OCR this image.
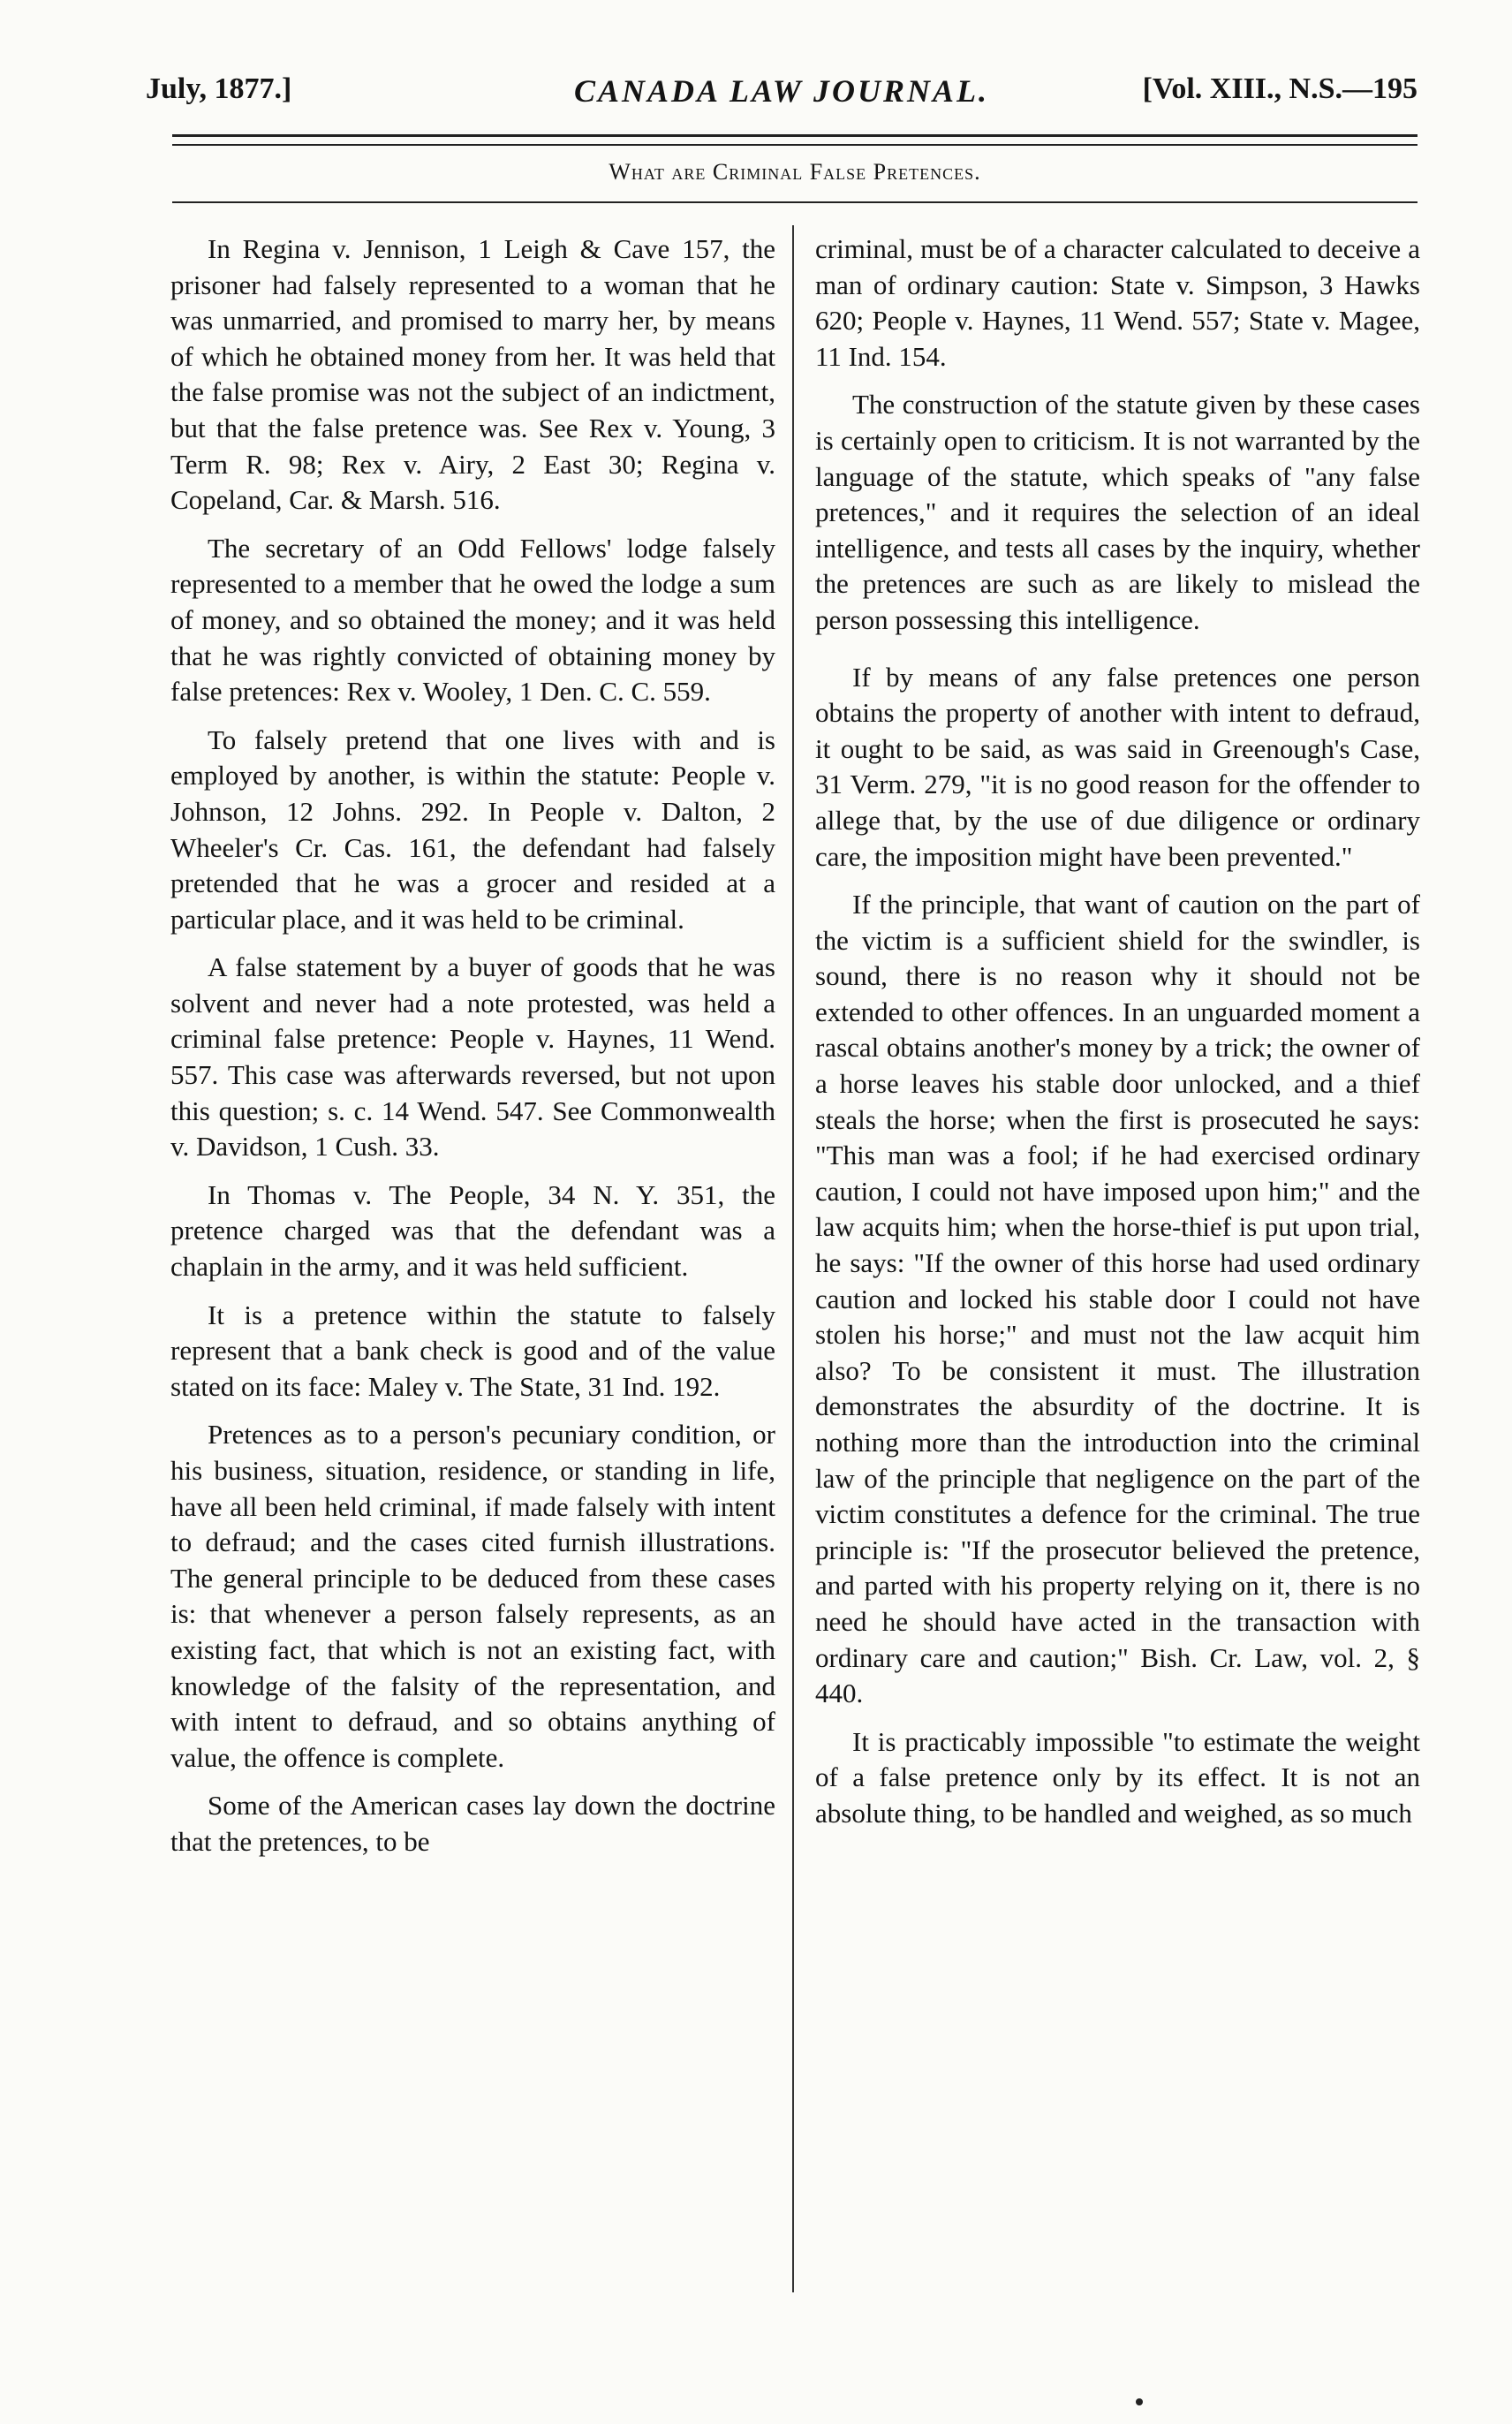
July, 1877.]	CANADA LAW JOURNAL.	[Vol. XIII., N.S.—195
What are Criminal False Pretences.

In Regina v. Jennison, 1 Leigh & Cave 157, the prisoner had falsely represented to a woman that he was unmarried, and promised to marry her, by means of which he obtained money from her. It was held that the false promise was not the subject of an indictment, but that the false pretence was. See Rex v. Young, 3 Term R. 98; Rex v. Airy, 2 East 30; Regina v. Copeland, Car. & Marsh. 516.

The secretary of an Odd Fellows' lodge falsely represented to a member that he owed the lodge a sum of money, and so obtained the money; and it was held that he was rightly convicted of obtaining money by false pretences: Rex v. Wooley, 1 Den. C. C. 559.

To falsely pretend that one lives with and is employed by another, is within the statute: People v. Johnson, 12 Johns. 292. In People v. Dalton, 2 Wheeler's Cr. Cas. 161, the defendant had falsely pretended that he was a grocer and resided at a particular place, and it was held to be criminal.

A false statement by a buyer of goods that he was solvent and never had a note protested, was held a criminal false pretence: People v. Haynes, 11 Wend. 557. This case was afterwards reversed, but not upon this question; s. c. 14 Wend. 547. See Commonwealth v. Davidson, 1 Cush. 33.

In Thomas v. The People, 34 N. Y. 351, the pretence charged was that the defendant was a chaplain in the army, and it was held sufficient.

It is a pretence within the statute to falsely represent that a bank check is good and of the value stated on its face: Maley v. The State, 31 Ind. 192.

Pretences as to a person's pecuniary condition, or his business, situation, residence, or standing in life, have all been held criminal, if made falsely with intent to defraud; and the cases cited furnish illustrations. The general principle to be deduced from these cases is: that whenever a person falsely represents, as an existing fact, that which is not an existing fact, with knowledge of the falsity of the representation, and with intent to defraud, and so obtains anything of value, the offence is complete.

Some of the American cases lay down the doctrine that the pretences, to be

criminal, must be of a character calculated to deceive a man of ordinary caution: State v. Simpson, 3 Hawks 620; People v. Haynes, 11 Wend. 557; State v. Magee, 11 Ind. 154.

The construction of the statute given by these cases is certainly open to criticism. It is not warranted by the language of the statute, which speaks of "any false pretences," and it requires the selection of an ideal intelligence, and tests all cases by the inquiry, whether the pretences are such as are likely to mislead the person possessing this intelligence.

If by means of any false pretences one person obtains the property of another with intent to defraud, it ought to be said, as was said in Greenough's Case, 31 Verm. 279, "it is no good reason for the offender to allege that, by the use of due diligence or ordinary care, the imposition might have been prevented."

If the principle, that want of caution on the part of the victim is a sufficient shield for the swindler, is sound, there is no reason why it should not be extended to other offences. In an unguarded moment a rascal obtains another's money by a trick; the owner of a horse leaves his stable door unlocked, and a thief steals the horse; when the first is prosecuted he says: "This man was a fool; if he had exercised ordinary caution, I could not have imposed upon him;" and the law acquits him; when the horse-thief is put upon trial, he says: "If the owner of this horse had used ordinary caution and locked his stable door I could not have stolen his horse;" and must not the law acquit him also? To be consistent it must. The illustration demonstrates the absurdity of the doctrine. It is nothing more than the introduction into the criminal law of the principle that negligence on the part of the victim constitutes a defence for the criminal. The true principle is: "If the prosecutor believed the pretence, and parted with his property relying on it, there is no need he should have acted in the transaction with ordinary care and caution;" Bish. Cr. Law, vol. 2, § 440.

It is practicably impossible "to estimate the weight of a false pretence only by its effect. It is not an absolute thing, to be handled and weighed, as so much
